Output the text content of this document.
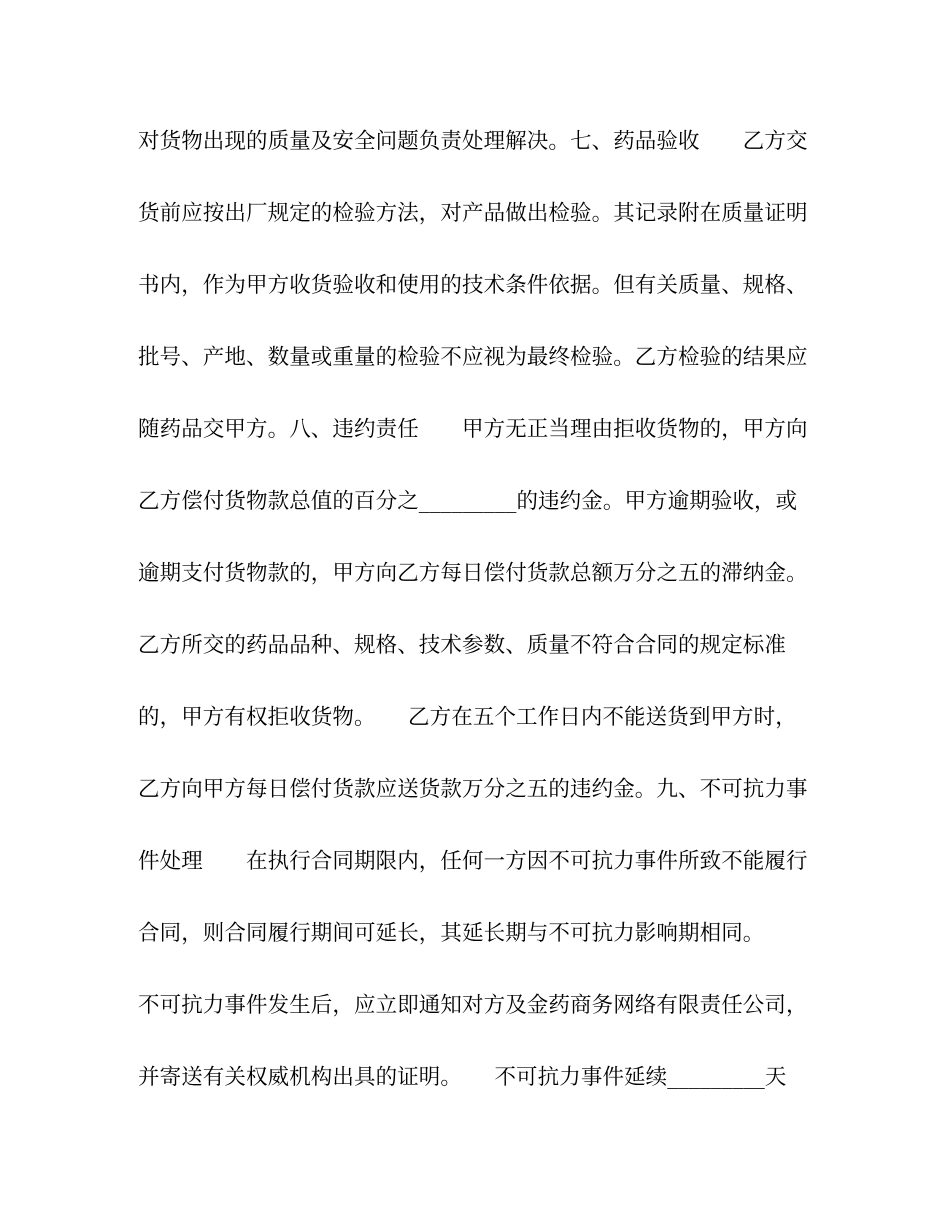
对货物出现的质量及安全问题负责处理解决。七、药品验收　　乙方交
货前应按出厂规定的检验方法，对产品做出检验。其记录附在质量证明
书内，作为甲方收货验收和使用的技术条件依据。但有关质量、规格、
批号、产地、数量或重量的检验不应视为最终检验。乙方检验的结果应
随药品交甲方。八、违约责任　　甲方无正当理由拒收货物的，甲方向
乙方偿付货物款总值的百分之_________的违约金。甲方逾期验收，或
逾期支付货物款的，甲方向乙方每日偿付货款总额万分之五的滞纳金。
乙方所交的药品品种、规格、技术参数、质量不符合合同的规定标准
的，甲方有权拒收货物。　　乙方在五个工作日内不能送货到甲方时，
乙方向甲方每日偿付货款应送货款万分之五的违约金。九、不可抗力事
件处理　　在执行合同期限内，任何一方因不可抗力事件所致不能履行
合同，则合同履行期间可延长，其延长期与不可抗力影响期相同。
不可抗力事件发生后，应立即通知对方及金药商务网络有限责任公司，
并寄送有关权威机构出具的证明。　　不可抗力事件延续_________天
